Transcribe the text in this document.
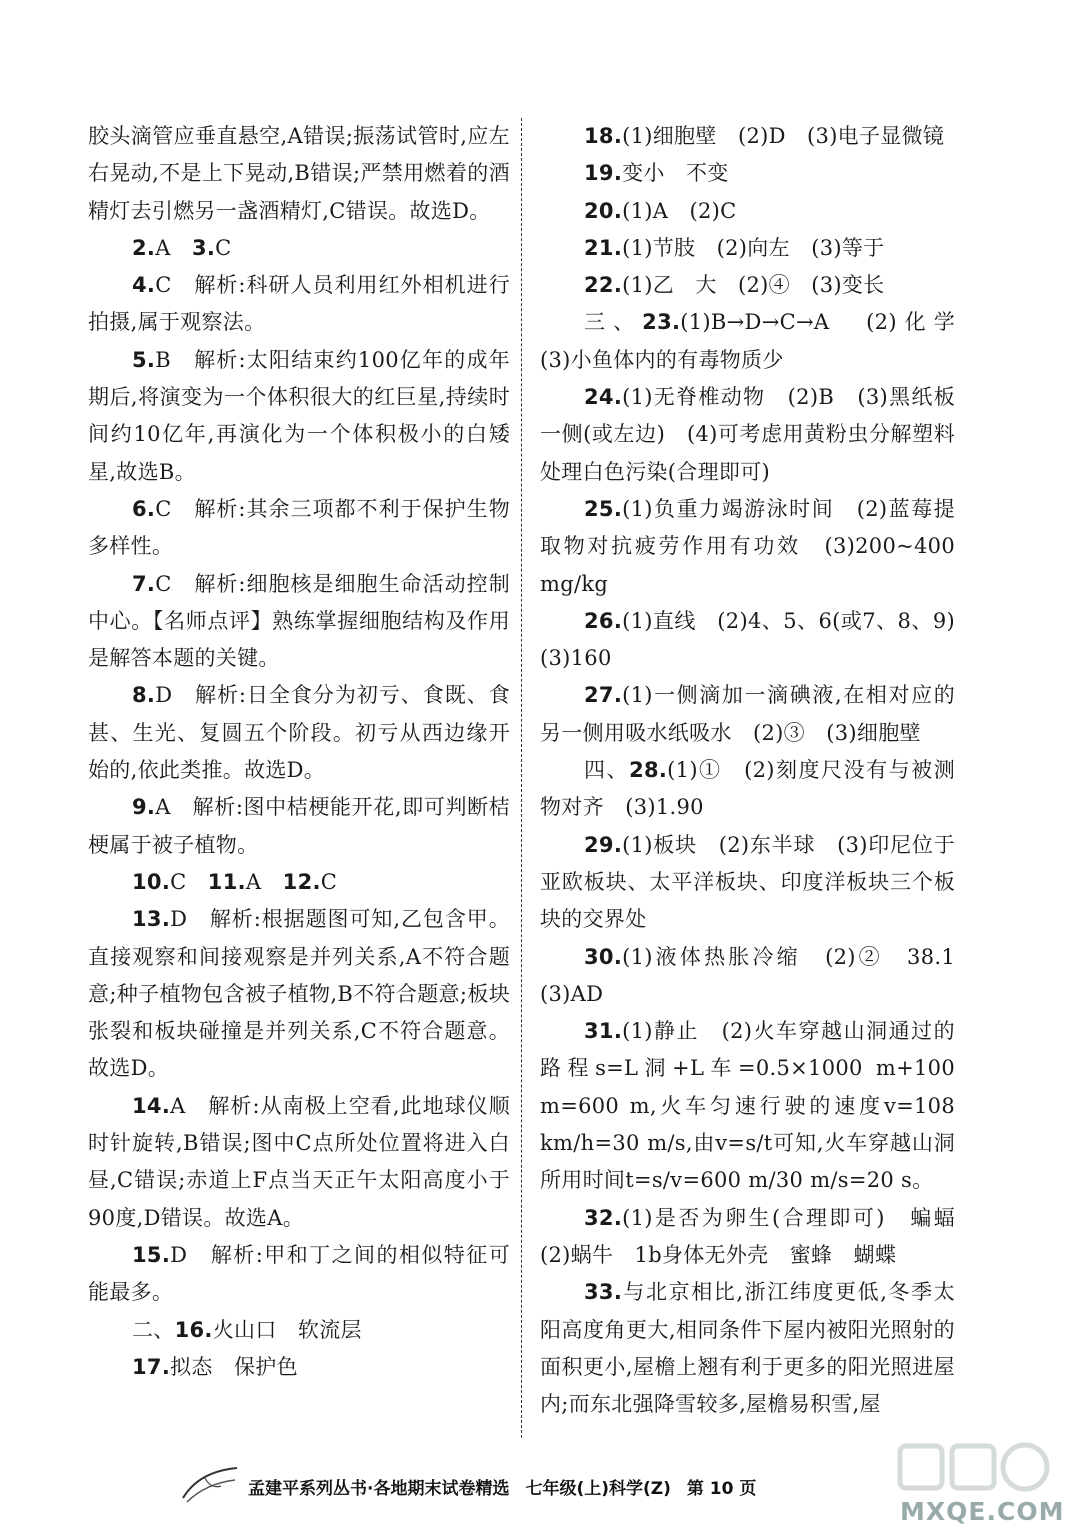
胶头滴管应垂直悬空,A错误;振荡试管时,应左右晃动,不是上下晃动,B错误;严禁用燃着的酒精灯去引燃另一盏酒精灯,C错误。故选D。
2.A　3.C
4.C　解析:科研人员利用红外相机进行拍摄,属于观察法。
5.B　解析:太阳结束约100亿年的成年期后,将演变为一个体积很大的红巨星,持续时间约10亿年,再演化为一个体积极小的白矮星,故选B。
6.C　解析:其余三项都不利于保护生物多样性。
7.C　解析:细胞核是细胞生命活动控制中心。【名师点评】熟练掌握细胞结构及作用是解答本题的关键。
8.D　解析:日全食分为初亏、食既、食甚、生光、复圆五个阶段。初亏从西边缘开始的,依此类推。故选D。
9.A　解析:图中桔梗能开花,即可判断桔梗属于被子植物。
10.C　11.A　12.C
13.D　解析:根据题图可知,乙包含甲。直接观察和间接观察是并列关系,A不符合题意;种子植物包含被子植物,B不符合题意;板块张裂和板块碰撞是并列关系,C不符合题意。故选D。
14.A　解析:从南极上空看,此地球仪顺时针旋转,B错误;图中C点所处位置将进入白昼,C错误;赤道上F点当天正午太阳高度小于90度,D错误。故选A。
15.D　解析:甲和丁之间的相似特征可能最多。
二、16.火山口　软流层
17.拟态　保护色
18.(1)细胞壁　(2)D　(3)电子显微镜
19.变小　不变
20.(1)A　(2)C
21.(1)节肢　(2)向左　(3)等于
22.(1)乙　大　(2)④　(3)变长
三、23.(1)B→D→C→A　(2)化学　(3)小鱼体内的有毒物质少
24.(1)无脊椎动物　(2)B　(3)黑纸板一侧(或左边)　(4)可考虑用黄粉虫分解塑料处理白色污染(合理即可)
25.(1)负重力竭游泳时间　(2)蓝莓提取物对抗疲劳作用有功效　(3)200~400 mg/kg
26.(1)直线　(2)4、5、6(或7、8、9)　(3)160
27.(1)一侧滴加一滴碘液,在相对应的另一侧用吸水纸吸水　(2)③　(3)细胞壁
四、28.(1)①　(2)刻度尺没有与被测物对齐　(3)1.90
29.(1)板块　(2)东半球　(3)印尼位于亚欧板块、太平洋板块、印度洋板块三个板块的交界处
30.(1)液体热胀冷缩　(2)②　38.1　(3)AD
31.(1)静止　(2)火车穿越山洞通过的路程s=L洞+L车=0.5×1000 m+100 m=600 m,火车匀速行驶的速度v=108 km/h=30 m/s,由v=s/t可知,火车穿越山洞所用时间t=s/v=600 m/30 m/s=20 s。
32.(1)是否为卵生(合理即可)　蝙蝠　(2)蜗牛　1b身体无外壳　蜜蜂　蝴蝶
33.与北京相比,浙江纬度更低,冬季太阳高度角更大,相同条件下屋内被阳光照射的面积更小,屋檐上翘有利于更多的阳光照进屋内;而东北强降雪较多,屋檐易积雪,屋
孟建平系列丛书·各地期末试卷精选 七年级(上)科学(Z) 第 10 页
MXQE.COM
